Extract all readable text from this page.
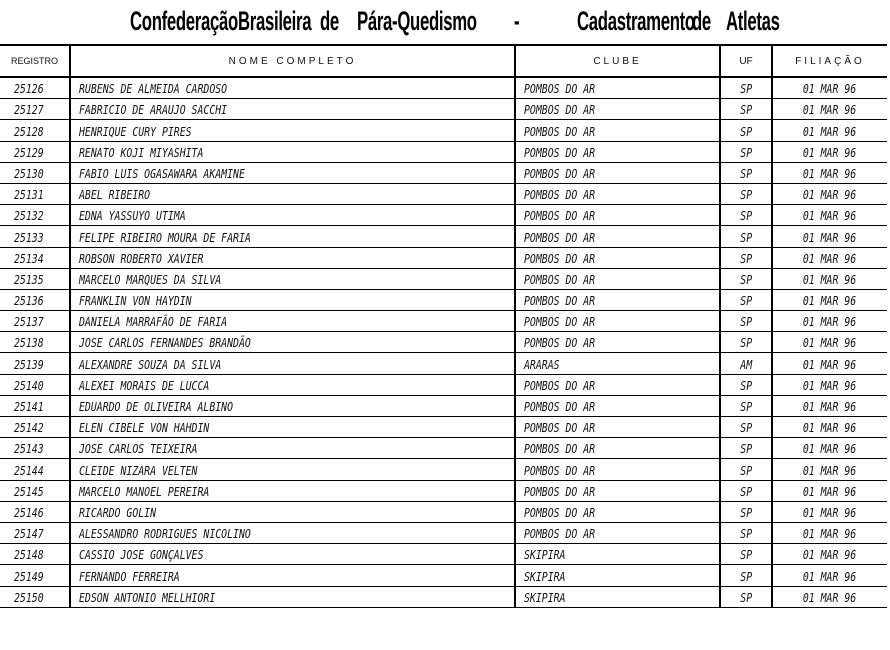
Confederação Brasileira de Pára-Quedismo - Cadastramento
de Atletas
REGISTRO	NOME COMPLETO	CLUBE	UF	FILIAÇÃO
25126	RUBENS DE ALMEIDA CARDOSO	POMBOS DO AR	SP	01 MAR 96
25127	FABRICIO DE ARAUJO SACCHI	POMBOS DO AR	SP	01 MAR 96
25128	HENRIQUE CURY PIRES	POMBOS DO AR	SP	01 MAR 96
25129	RENATO KOJI MIYASHITA	POMBOS DO AR	SP	01 MAR 96
25130	FABIO LUIS OGASAWARA AKAMINE	POMBOS DO AR	SP	01 MAR 96
25131	ABEL RIBEIRO	POMBOS DO AR	SP	01 MAR 96
25132	EDNA YASSUYO UTIMA	POMBOS DO AR	SP	01 MAR 96
25133	FELIPE RIBEIRO MOURA DE FARIA	POMBOS DO AR	SP	01 MAR 96
25134	ROBSON ROBERTO XAVIER	POMBOS DO AR	SP	01 MAR 96
25135	MARCELO MARQUES DA SILVA	POMBOS DO AR	SP	01 MAR 96
25136	FRANKLIN VON HAYDIN	POMBOS DO AR	SP	01 MAR 96
25137	DANIELA MARRAFÃO DE FARIA	POMBOS DO AR	SP	01 MAR 96
25138	JOSE CARLOS FERNANDES BRANDÃO	POMBOS DO AR	SP	01 MAR 96
25139	ALEXANDRE SOUZA DA SILVA	ARARAS	AM	01 MAR 96
25140	ALEXEI MORAIS DE LUCCA	POMBOS DO AR	SP	01 MAR 96
25141	EDUARDO DE OLIVEIRA ALBINO	POMBOS DO AR	SP	01 MAR 96
25142	ELEN CIBELE VON HAHDIN	POMBOS DO AR	SP	01 MAR 96
25143	JOSE CARLOS TEIXEIRA	POMBOS DO AR	SP	01 MAR 96
25144	CLEIDE NIZARA VELTEN	POMBOS DO AR	SP	01 MAR 96
25145	MARCELO MANOEL PEREIRA	POMBOS DO AR	SP	01 MAR 96
25146	RICARDO GOLIN	POMBOS DO AR	SP	01 MAR 96
25147	ALESSANDRO RODRIGUES NICOLINO	POMBOS DO AR	SP	01 MAR 96
25148	CASSIO JOSE GONÇALVES	SKIPIRA	SP	01 MAR 96
25149	FERNANDO FERREIRA	SKIPIRA	SP	01 MAR 96
25150	EDSON ANTONIO MELLHIORI	SKIPIRA	SP	01 MAR 96
